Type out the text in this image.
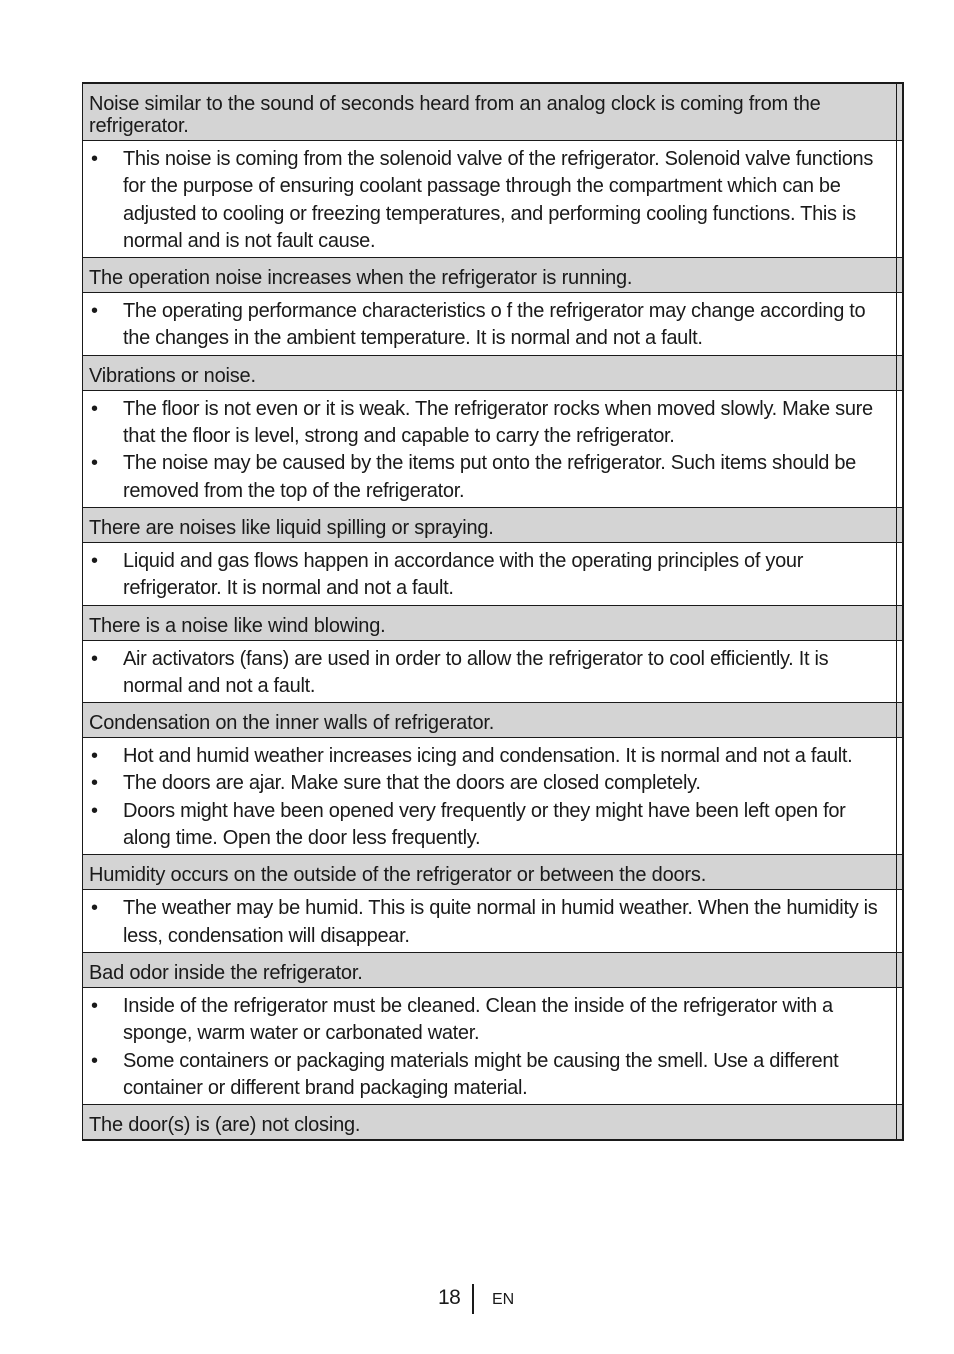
Noise similar to the sound of seconds heard from an analog clock is coming from the refrigerator.
• This noise is coming from the solenoid valve of the refrigerator. Solenoid valve functions for the purpose of ensuring coolant passage through the compartment which can be adjusted to cooling or freezing temperatures, and performing cooling functions. This is normal and is not fault cause.
The operation noise increases when the refrigerator is running.
• The operating performance characteristics o f the refrigerator may change according to the changes in the ambient temperature. It is normal and not a fault.
Vibrations or noise.
• The floor is not even or it is weak. The refrigerator rocks when moved slowly. Make sure that the floor is level, strong and capable to carry the refrigerator.
• The noise may be caused by the items put onto the refrigerator. Such items should be removed from the top of the refrigerator.
There are noises like liquid spilling or spraying.
• Liquid and gas flows happen in accordance with the operating principles of your refrigerator. It is normal and not a fault.
There is a noise like wind blowing.
• Air activators (fans) are used in order to allow the refrigerator to cool efficiently. It is normal and not a fault.
Condensation on the inner walls of refrigerator.
• Hot and humid weather increases icing and condensation. It is normal and not a fault.
• The doors are ajar. Make sure that the doors are closed completely.
• Doors might have been opened very frequently or they might have been left open for along time. Open the door less frequently.
Humidity occurs on the outside of the refrigerator or between the doors.
• The weather may be humid. This is quite normal in humid weather. When the humidity is less, condensation will disappear.
Bad odor inside the refrigerator.
• Inside of the refrigerator must be cleaned. Clean the inside of the refrigerator with a sponge, warm water or carbonated water.
• Some containers or packaging materials might be causing the smell. Use a different container or different brand packaging material.
The door(s) is (are) not closing.
18 EN
